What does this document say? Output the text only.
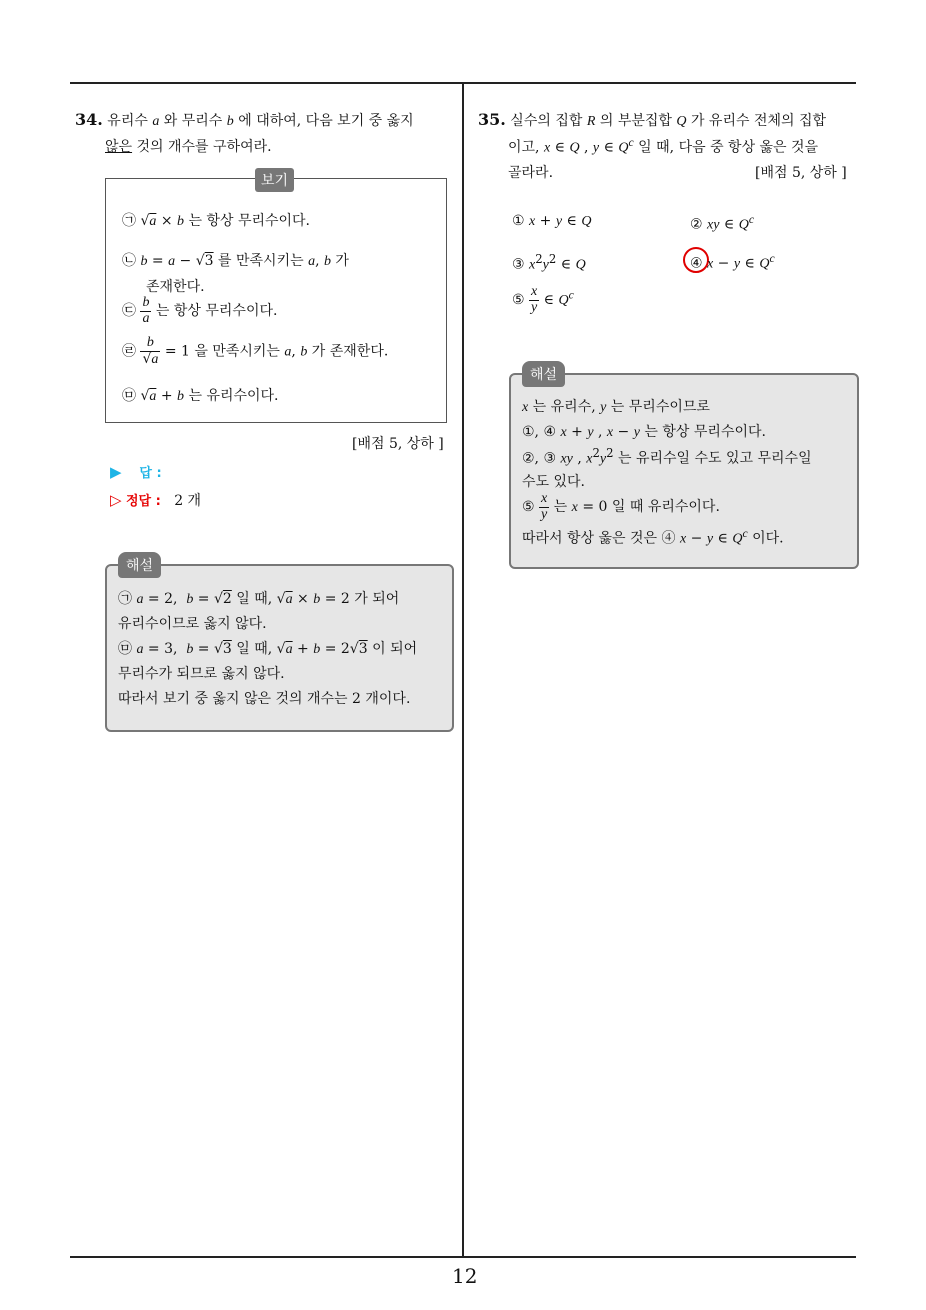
34. 유리수 a 와 무리수 b 에 대하여, 다음 보기 중 옳지
않은 것의 개수를 구하여라.
보기
㉠ √a × b 는 항상 무리수이다.
㉡ b = a − √3 를 만족시키는 a, b 가
존재한다.
㉢ $\frac{b}{a}$ 는 항상 무리수이다.
㉣ $\frac{b}{√a} = 1$ 을 만족시키는 a, b 가 존재한다.
㉤ √a + b 는 유리수이다.
[배점 5, 상하 ]
▶ 답 :
▷ 정답 : 2 개
해설
㉠ a = 2,  b = √2 일 때, √a × b = 2 가 되어
유리수이므로 옳지 않다.
㉤ a = 3,  b = √3 일 때, √a + b = 2√3 이 되어
무리수가 되므로 옳지 않다.
따라서 보기 중 옳지 않은 것의 개수는 2 개이다.
35. 실수의 집합 R 의 부분집합 Q 가 유리수 전체의 집합
이고, x ∈ Q , y ∈ $Q^c$ 일 때, 다음 중 항상 옳은 것을
골라라.	[배점 5, 상하 ]
① x + y ∈ Q	② xy ∈ $Q^c$
③ $x^2y^2$ ∈ Q	④ x − y ∈ $Q^c$
⑤ $\frac{x}{y}$ ∈ $Q^c$
해설
x 는 유리수, y 는 무리수이므로
①, ④ x + y , x − y 는 항상 무리수이다.
②, ③ xy , $x^2y^2$ 는 유리수일 수도 있고 무리수일
수도 있다.
⑤ $\frac{x}{y}$ 는 x = 0 일 때 유리수이다.
따라서 항상 옳은 것은 ④ x − y ∈ $Q^c$ 이다.
12
